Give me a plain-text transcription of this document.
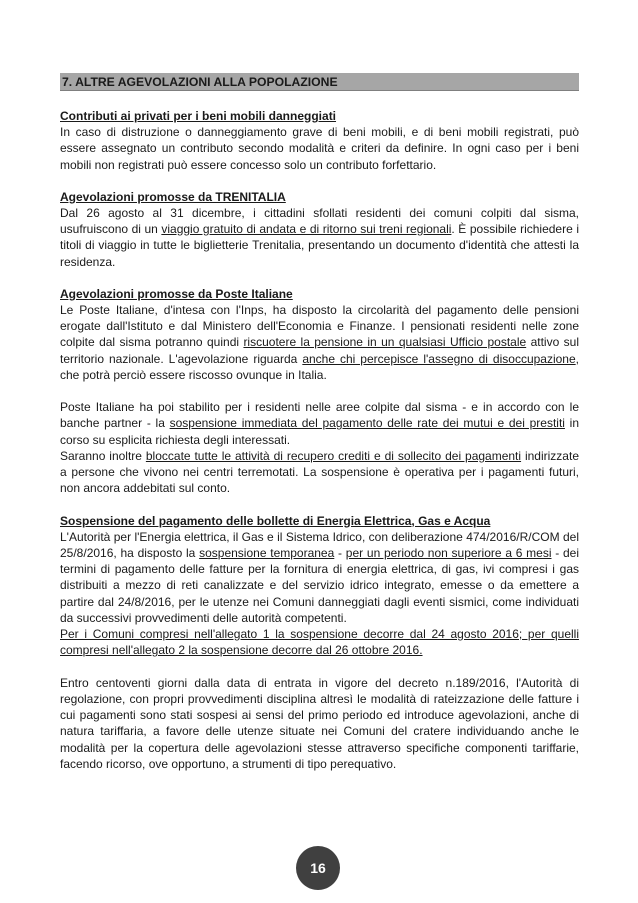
7. ALTRE AGEVOLAZIONI ALLA POPOLAZIONE
Contributi ai privati per i beni mobili danneggiati

In caso di distruzione o danneggiamento grave di beni mobili, e di beni mobili registrati, può essere assegnato un contributo secondo modalità e criteri da definire. In ogni caso per i beni mobili non registrati può essere concesso solo un contributo forfettario.

Agevolazioni promosse da TRENITALIA

Dal 26 agosto al 31 dicembre, i cittadini sfollati residenti dei comuni colpiti dal sisma, usufruiscono di un viaggio gratuito di andata e di ritorno sui treni regionali. È possibile richiedere i titoli di viaggio in tutte le biglietterie Trenitalia, presentando un documento d'identità che attesti la residenza.

Agevolazioni promosse da Poste Italiane

Le Poste Italiane, d'intesa con l'Inps, ha disposto la circolarità del pagamento delle pensioni erogate dall'Istituto e dal Ministero dell'Economia e Finanze. I pensionati residenti nelle zone colpite dal sisma potranno quindi riscuotere la pensione in un qualsiasi Ufficio postale attivo sul territorio nazionale. L'agevolazione riguarda anche chi percepisce l'assegno di disoccupazione, che potrà perciò essere riscosso ovunque in Italia.

Poste Italiane ha poi stabilito per i residenti nelle aree colpite dal sisma - e in accordo con le banche partner - la sospensione immediata del pagamento delle rate dei mutui e dei prestiti in corso su esplicita richiesta degli interessati.

Saranno inoltre bloccate tutte le attività di recupero crediti e di sollecito dei pagamenti indirizzate a persone che vivono nei centri terremotati. La sospensione è operativa per i pagamenti futuri, non ancora addebitati sul conto.

Sospensione del pagamento delle bollette di Energia Elettrica, Gas e Acqua

L'Autorità per l'Energia elettrica, il Gas e il Sistema Idrico, con deliberazione 474/2016/R/COM del 25/8/2016, ha disposto la sospensione temporanea - per un periodo non superiore a 6 mesi - dei termini di pagamento delle fatture per la fornitura di energia elettrica, di gas, ivi compresi i gas distribuiti a mezzo di reti canalizzate e del servizio idrico integrato, emesse o da emettere a partire dal 24/8/2016, per le utenze nei Comuni danneggiati dagli eventi sismici, come individuati da successivi provvedimenti delle autorità competenti.

Per i Comuni compresi nell'allegato 1 la sospensione decorre dal 24 agosto 2016; per quelli compresi nell'allegato 2 la sospensione decorre dal 26 ottobre 2016.

Entro centoventi giorni dalla data di entrata in vigore del decreto n.189/2016, l'Autorità di regolazione, con propri provvedimenti disciplina altresì le modalità di rateizzazione delle fatture i cui pagamenti sono stati sospesi ai sensi del primo periodo ed introduce agevolazioni, anche di natura tariffaria, a favore delle utenze situate nei Comuni del cratere individuando anche le modalità per la copertura delle agevolazioni stesse attraverso specifiche componenti tariffarie, facendo ricorso, ove opportuno, a strumenti di tipo perequativo.

16
